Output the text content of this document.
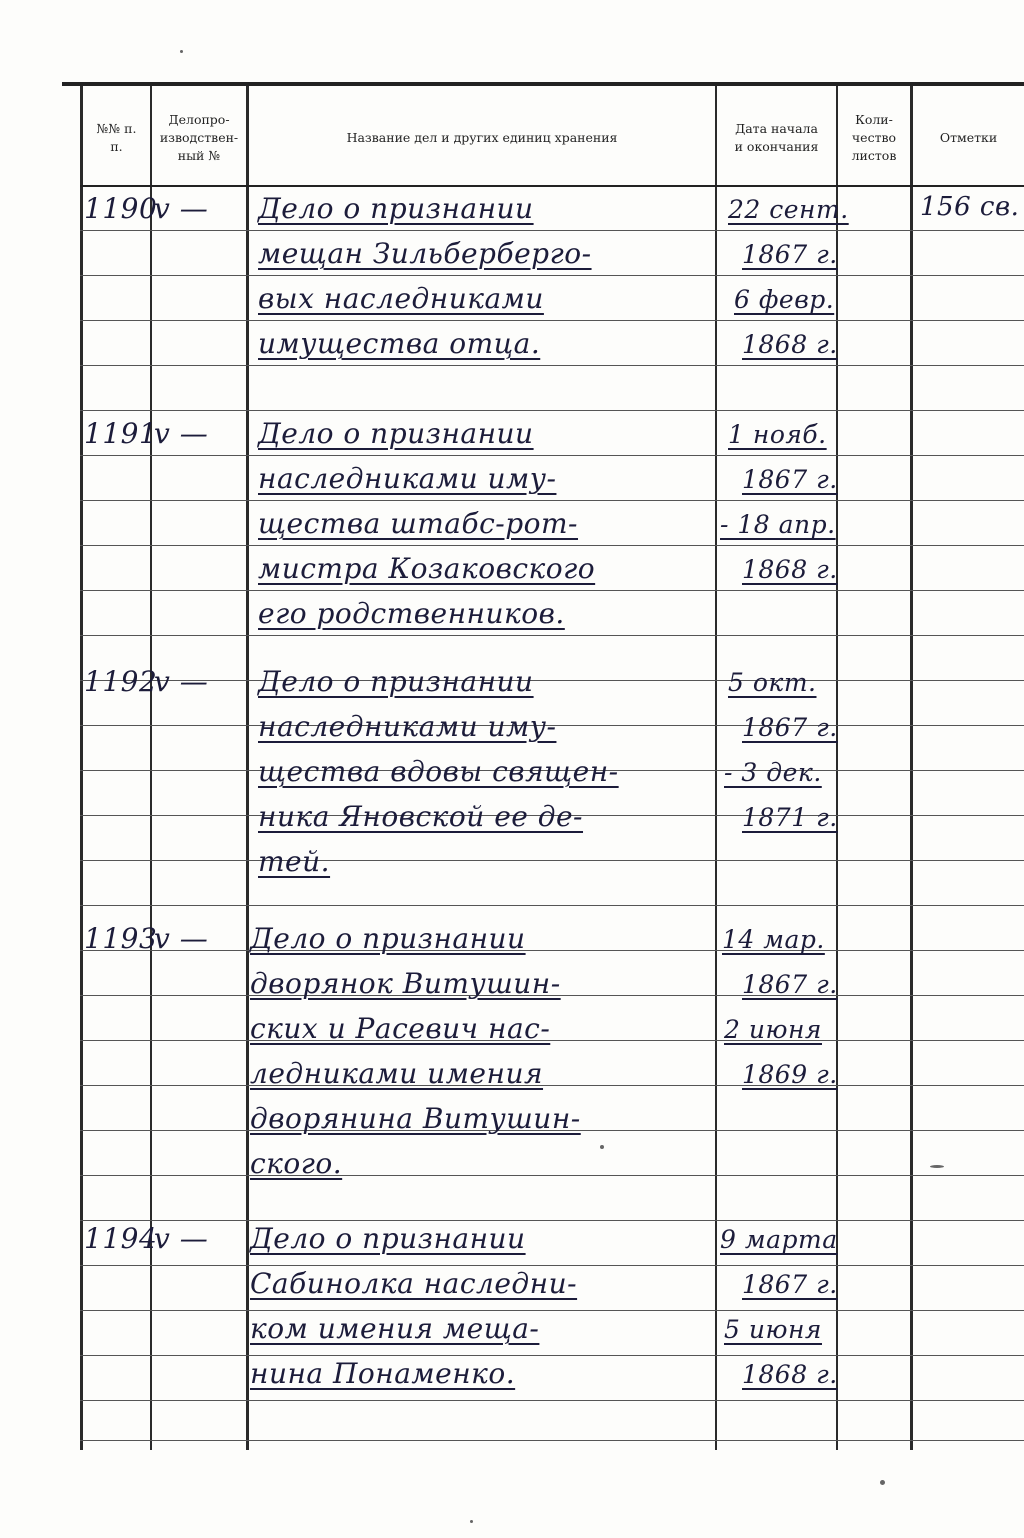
№№ п. п.
Делопро- изводствен- ный №
Название дел и других единиц хранения
Дата начала и окончания
Коли- чество листов
Отметки
1190
v — Дело о признании
мещан Зильбербергo-
вых наследниками
имущества отца.
22 сент.
1867 г.
6 февр.
1868 г.
156 св.
1191
v — Дело о признании
наследниками иму-
щества штабс-рот-
мистра Козаковского
его родственников.
1 нояб.
1867 г.
- 18 апр.
1868 г.
1192
v — Дело о признании
наследниками иму-
щества вдовы священ-
ника Яновской ее де-
тей.
5 окт.
1867 г.
- 3 дек.
1871 г.
1193
v — Дело о признании
дворянок Витушин-
ских и Расевич нас-
ледниками имения
дворянина Витушин-
ского.
14 мар.
1867 г.
2 июня
1869 г.
1194
v — Дело о признании
Сабинолка наследни-
ком имения меща-
нина Понаменко.
9 марта
1867 г.
5 июня
1868 г.
